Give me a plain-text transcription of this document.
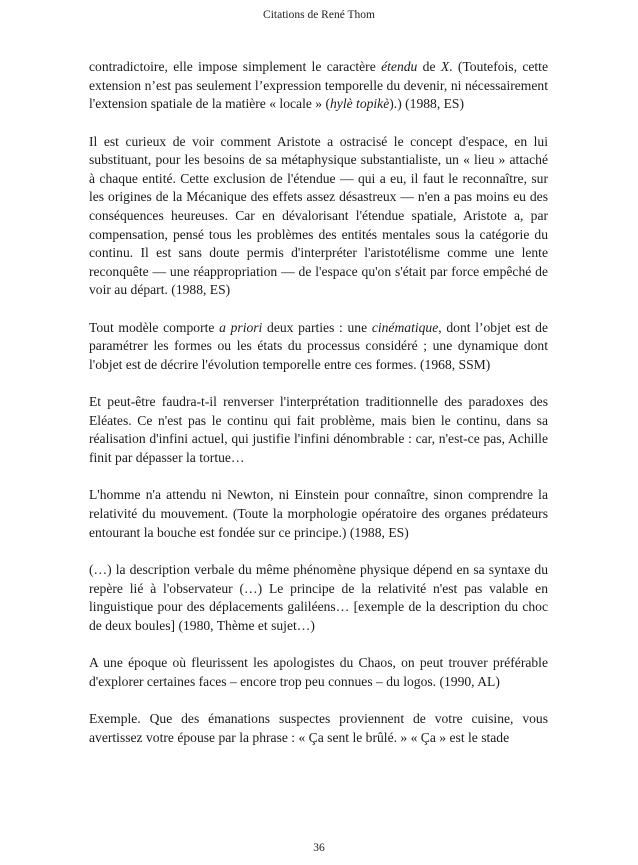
Citations de René Thom

contradictoire, elle impose simplement le caractère étendu de X. (Toutefois, cette extension n’est pas seulement l’expression temporelle du devenir, ni nécessairement l'extension spatiale de la matière « locale » (hylè topikè).) (1988, ES)

Il est curieux de voir comment Aristote a ostracisé le concept d'espace, en lui substituant, pour les besoins de sa métaphysique substantialiste, un « lieu » attaché à chaque entité. Cette exclusion de l'étendue — qui a eu, il faut le reconnaître, sur les origines de la Mécanique des effets assez désastreux — n'en a pas moins eu des conséquences heureuses. Car en dévalorisant l'étendue spatiale, Aristote a, par compensation, pensé tous les problèmes des entités mentales sous la catégorie du continu. Il est sans doute permis d'interpréter l'aristotélisme comme une lente reconquête — une réappropriation — de l'espace qu'on s'était par force empêché de voir au départ. (1988, ES)

Tout modèle comporte a priori deux parties : une cinématique, dont l’objet est de paramétrer les formes ou les états du processus considéré ; une dynamique dont l'objet est de décrire l'évolution temporelle entre ces formes. (1968, SSM)

Et peut-être faudra-t-il renverser l'interprétation traditionnelle des paradoxes des Eléates. Ce n'est pas le continu qui fait problème, mais bien le continu, dans sa réalisation d'infini actuel, qui justifie l'infini dénombrable : car, n'est-ce pas, Achille finit par dépasser la tortue…

L'homme n'a attendu ni Newton, ni Einstein pour connaître, sinon comprendre la relativité du mouvement. (Toute la morphologie opératoire des organes prédateurs entourant la bouche est fondée sur ce principe.) (1988, ES)

(…) la description verbale du même phénomène physique dépend en sa syntaxe du repère lié à l'observateur (…) Le principe de la relativité n'est pas valable en linguistique pour des déplacements galiléens… [exemple de la description du choc de deux boules] (1980, Thème et sujet…)

A une époque où fleurissent les apologistes du Chaos, on peut trouver préférable d'explorer certaines faces – encore trop peu connues – du logos. (1990, AL)

Exemple. Que des émanations suspectes proviennent de votre cuisine, vous avertissez votre épouse par la phrase : « Ça sent le brûlé. » « Ça » est le stade

36
